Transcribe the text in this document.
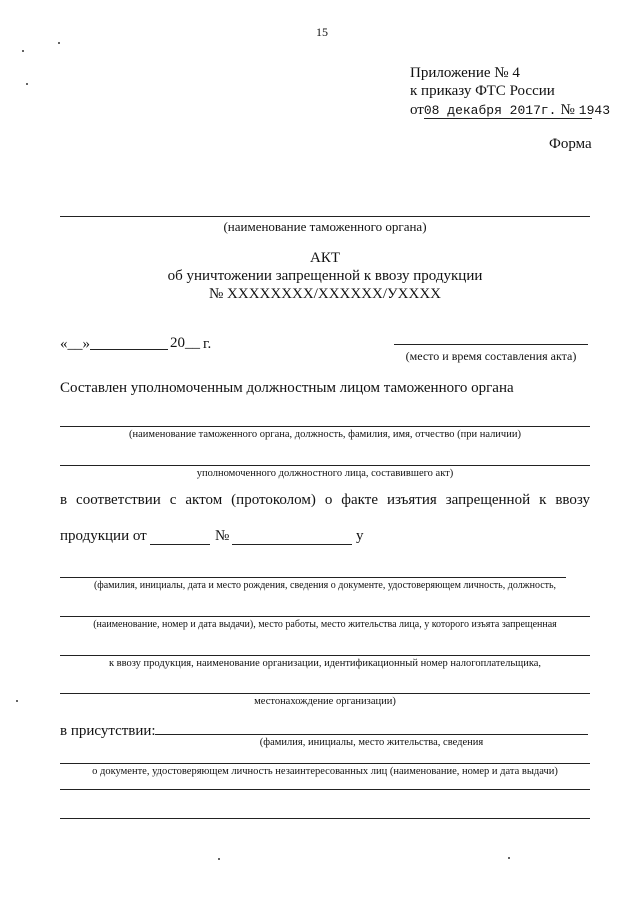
15
Приложение № 4
к приказу ФТС России
от08 декабря 2017г. № 1943
Форма
(наименование таможенного органа)
АКТ
об уничтожении запрещенной к ввозу продукции
№ XXXXXXXX/XXXXXX/УXXXX
«__»	20__ г.
(место и время составления акта)
Составлен уполномоченным должностным лицом таможенного органа
(наименование таможенного органа, должность, фамилия, имя, отчество (при наличии)
уполномоченного должностного лица, составившего акт)
в соответствии с актом (протоколом) о факте изъятия запрещенной к ввозу
продукции от	№	у
(фамилия, инициалы, дата и место рождения, сведения о документе, удостоверяющем личность, должность,
(наименование, номер и дата выдачи), место работы, место жительства лица, у которого изъята запрещенная
к ввозу продукция, наименование организации, идентификационный номер налогоплательщика,
местонахождение организации)
в присутствии:
(фамилия, инициалы, место жительства, сведения
о документе, удостоверяющем личность незаинтересованных лиц (наименование, номер и дата выдачи)
